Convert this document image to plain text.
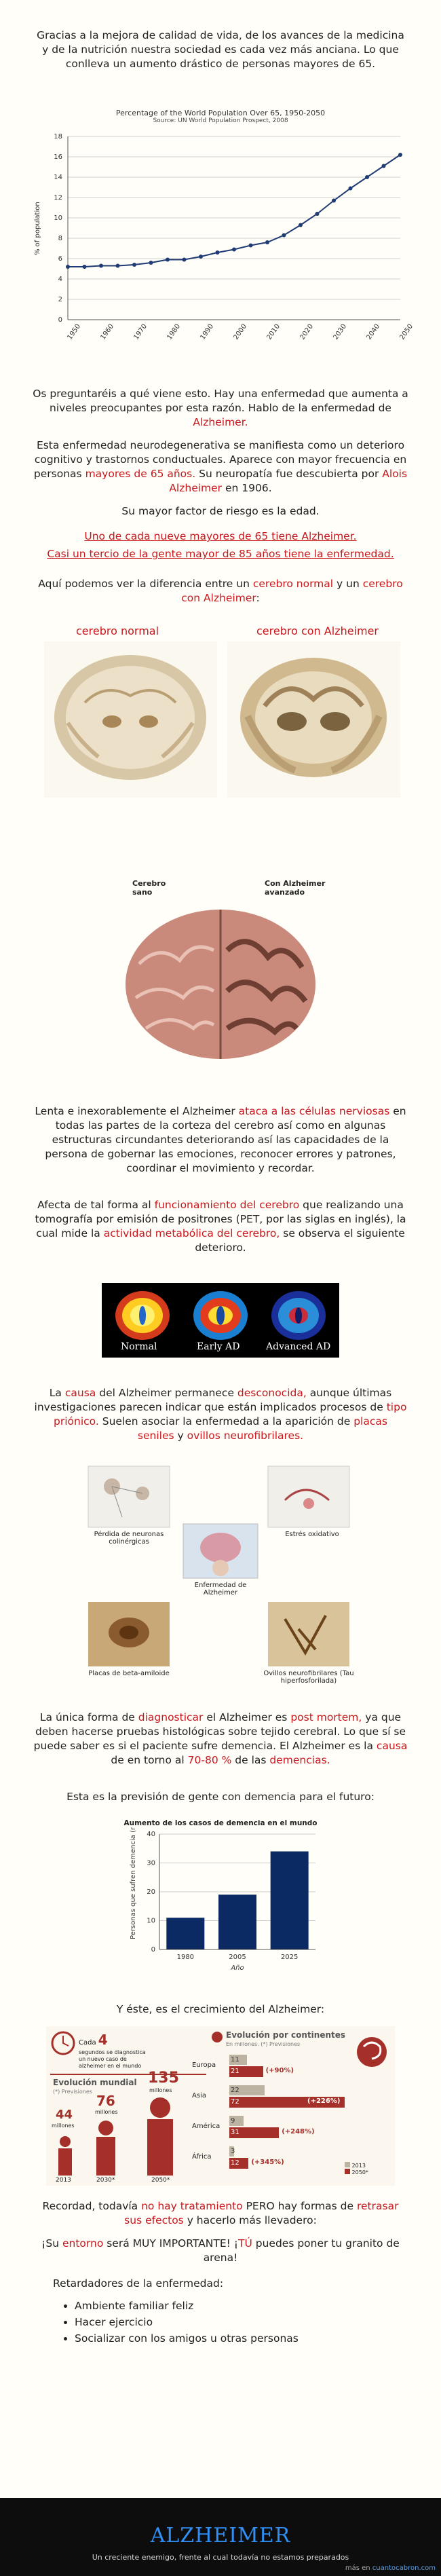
Gracias a la mejora de calidad de vida, de los avances de la medicina y de la nutrición nuestra sociedad es cada vez más anciana. Lo que conlleva un aumento drástico de personas mayores de 65.

Percentage of the World Population Over 65, 1950-2050
Source: UN World Population Prospect, 2008
0
2
4
6
8
10
12
14
16
18
1950	1960	1970	1980	1990	2000	2010	2020	2030	2040	2050
% of population

Os preguntaréis a qué viene esto. Hay una enfermedad que aumenta a niveles preocupantes por esta razón. Hablo de la enfermedad de Alzheimer.

Esta enfermedad neurodegenerativa se manifiesta como un deterioro cognitivo y trastornos conductuales. Aparece con mayor frecuencia en personas mayores de 65 años. Su neuropatía fue descubierta por Alois Alzheimer en 1906.

Su mayor factor de riesgo es la edad.

Uno de cada nueve mayores de 65 tiene Alzheimer.

Casi un tercio de la gente mayor de 85 años tiene la enfermedad.

Aquí podemos ver la diferencia entre un cerebro normal y un cerebro con Alzheimer:

cerebro normal	cerebro con Alzheimer
Cerebro sano
Con Alzheimer avanzado

Lenta e inexorablemente el Alzheimer ataca a las células nerviosas en todas las partes de la corteza del cerebro así como en algunas estructuras circundantes deteriorando así las capacidades de la persona de gobernar las emociones, reconocer errores y patrones, coordinar el movimiento y recordar.

Afecta de tal forma al funcionamiento del cerebro que realizando una tomografía por emisión de positrones (PET, por las siglas en inglés), la cual mide la actividad metabólica del cerebro, se observa el siguiente deterioro.

Normal	Early AD	Advanced AD

La causa del Alzheimer permanece desconocida, aunque últimas investigaciones parecen indicar que están implicados procesos de tipo priónico. Suelen asociar la enfermedad a la aparición de placas seniles y ovillos neurofibrilares.

Pérdida de neuronas colinérgicas
Estrés oxidativo
Enfermedad de Alzheimer
Placas de beta-amiloide	Ovillos neurofibrilares (Tau hiperfosforilada)

La única forma de diagnosticar el Alzheimer es post mortem, ya que deben hacerse pruebas histológicas sobre tejido cerebral. Lo que sí se puede saber es si el paciente sufre demencia. El Alzheimer es la causa de en torno al 70-80 % de las demencias.

Esta es la previsión de gente con demencia para el futuro:

Aumento de los casos de demencia en el mundo
0
10
20
30
40
1980	2005	2025
Año
Personas que sufren demencia (millones)

Y éste, es el crecimiento del Alzheimer:

Cada 4
segundos se diagnostica un nuevo caso de alzheimer en el mundo
Evolución mundial
(*) Previsiones
44
millones
76
millones
135
millones
2013	2030*	2050*
Evolución por continentes
En millones. (*) Previsiones
Europa
11
21	(+90%)
Asia
22
72	(+226%)
América
9
31	(+248%)
África
3
12	(+345%)	2013
2050*

Recordad, todavía no hay tratamiento PERO hay formas de retrasar sus efectos y hacerlo más llevadero:

¡Su entorno será MUY IMPORTANTE! ¡TÚ puedes poner tu granito de arena!

Retardadores de la enfermedad:
• Ambiente familiar feliz
• Hacer ejercicio
• Socializar con los amigos u otras personas
ALZHEIMER
Un creciente enemigo, frente al cual todavía no estamos preparados
más en cuantocabron.com
